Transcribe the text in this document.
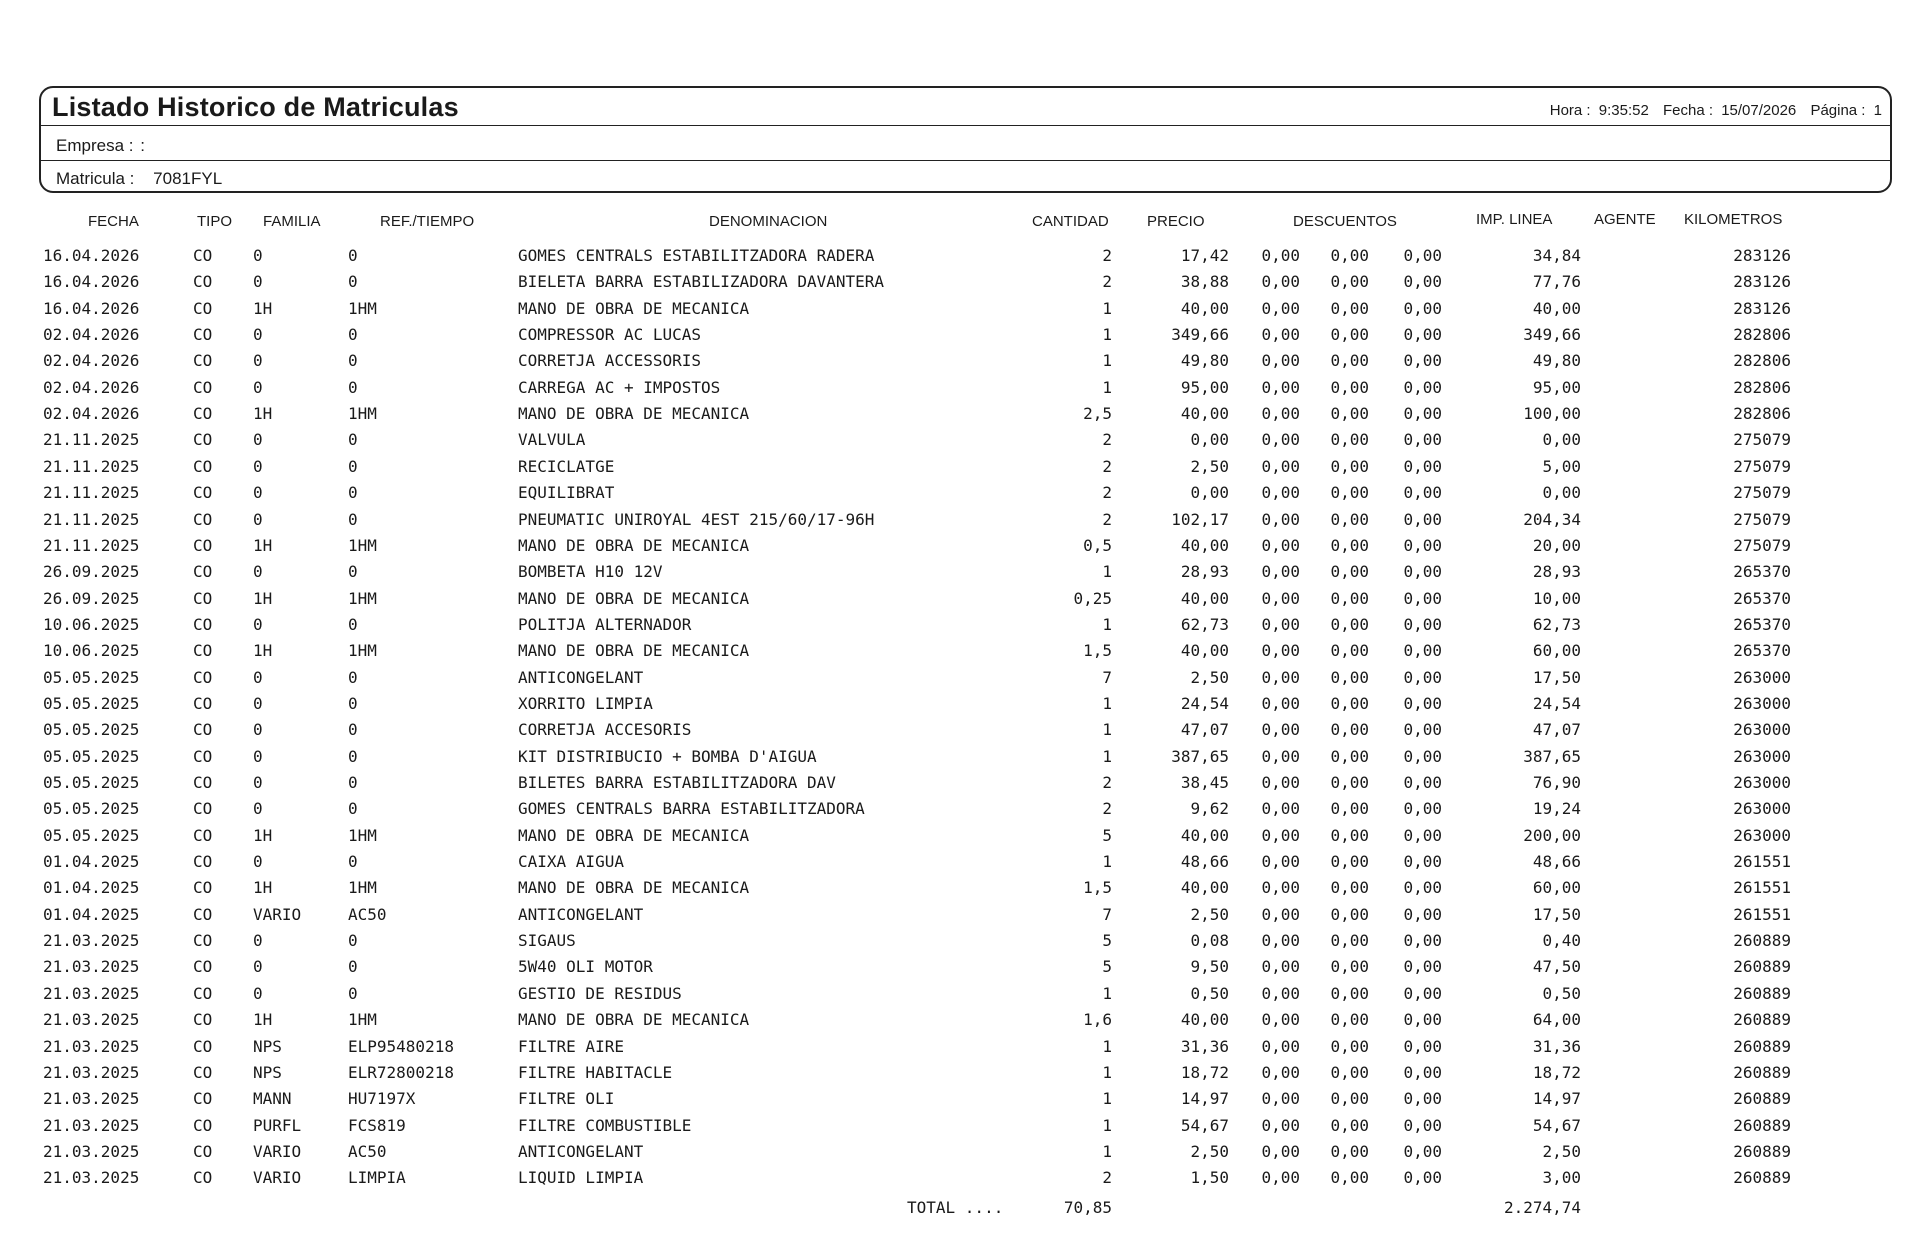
Listado Historico de Matriculas	Hora : 9:35:52 Fecha : 15/07/2026 Página : 1
Empresa : :
Matricula : 7081FYL
FECHA	TIPO FAMILIA	REF./TIEMPO	DENOMINACION	CANTIDAD	PRECIO	DESCUENTOS	IMP. LINEA	AGENTE KILOMETROS
16.04.2026	CO	0	0	GOMES CENTRALS ESTABILITZADORA RADERA	2	17,42 0,00 0,00 0,00	34,84	283126
16.04.2026	CO	0	0	BIELETA BARRA ESTABILIZADORA DAVANTERA	2	38,88 0,00 0,00 0,00	77,76	283126
16.04.2026	CO	1H	1HM	MANO DE OBRA DE MECANICA	1	40,00 0,00 0,00 0,00	40,00	283126
02.04.2026	CO	0	0	COMPRESSOR AC LUCAS	1	349,66 0,00 0,00 0,00	349,66	282806
02.04.2026	CO	0	0	CORRETJA ACCESSORIS	1	49,80 0,00 0,00 0,00	49,80	282806
02.04.2026	CO	0	0	CARREGA AC + IMPOSTOS	1	95,00 0,00 0,00 0,00	95,00	282806
02.04.2026	CO	1H	1HM	MANO DE OBRA DE MECANICA	2,5	40,00 0,00 0,00 0,00	100,00	282806
21.11.2025	CO	0	0	VALVULA	2	0,00 0,00 0,00 0,00	0,00	275079
21.11.2025	CO	0	0	RECICLATGE	2	2,50 0,00 0,00 0,00	5,00	275079
21.11.2025	CO	0	0	EQUILIBRAT	2	0,00 0,00 0,00 0,00	0,00	275079
21.11.2025	CO	0	0	PNEUMATIC UNIROYAL 4EST 215/60/17-96H	2	102,17 0,00 0,00 0,00	204,34	275079
21.11.2025	CO	1H	1HM	MANO DE OBRA DE MECANICA	0,5	40,00 0,00 0,00 0,00	20,00	275079
26.09.2025	CO	0	0	BOMBETA H10 12V	1	28,93 0,00 0,00 0,00	28,93	265370
26.09.2025	CO	1H	1HM	MANO DE OBRA DE MECANICA	0,25	40,00 0,00 0,00 0,00	10,00	265370
10.06.2025	CO	0	0	POLITJA ALTERNADOR	1	62,73 0,00 0,00 0,00	62,73	265370
10.06.2025	CO	1H	1HM	MANO DE OBRA DE MECANICA	1,5	40,00 0,00 0,00 0,00	60,00	265370
05.05.2025	CO	0	0	ANTICONGELANT	7	2,50 0,00 0,00 0,00	17,50	263000
05.05.2025	CO	0	0	XORRITO LIMPIA	1	24,54 0,00 0,00 0,00	24,54	263000
05.05.2025	CO	0	0	CORRETJA ACCESORIS	1	47,07 0,00 0,00 0,00	47,07	263000
05.05.2025	CO	0	0	KIT DISTRIBUCIO + BOMBA D'AIGUA	1	387,65 0,00 0,00 0,00	387,65	263000
05.05.2025	CO	0	0	BILETES BARRA ESTABILITZADORA DAV	2	38,45 0,00 0,00 0,00	76,90	263000
05.05.2025	CO	0	0	GOMES CENTRALS BARRA ESTABILITZADORA	2	9,62 0,00 0,00 0,00	19,24	263000
05.05.2025	CO	1H	1HM	MANO DE OBRA DE MECANICA	5	40,00 0,00 0,00 0,00	200,00	263000
01.04.2025	CO	0	0	CAIXA AIGUA	1	48,66 0,00 0,00 0,00	48,66	261551
01.04.2025	CO	1H	1HM	MANO DE OBRA DE MECANICA	1,5	40,00 0,00 0,00 0,00	60,00	261551
01.04.2025	CO	VARIO	AC50	ANTICONGELANT	7	2,50 0,00 0,00 0,00	17,50	261551
21.03.2025	CO	0	0	SIGAUS	5	0,08 0,00 0,00 0,00	0,40	260889
21.03.2025	CO	0	0	5W40 OLI MOTOR	5	9,50 0,00 0,00 0,00	47,50	260889
21.03.2025	CO	0	0	GESTIO DE RESIDUS	1	0,50 0,00 0,00 0,00	0,50	260889
21.03.2025	CO	1H	1HM	MANO DE OBRA DE MECANICA	1,6	40,00 0,00 0,00 0,00	64,00	260889
21.03.2025	CO	NPS	ELP95480218	FILTRE AIRE	1	31,36 0,00 0,00 0,00	31,36	260889
21.03.2025	CO	NPS	ELR72800218	FILTRE HABITACLE	1	18,72 0,00 0,00 0,00	18,72	260889
21.03.2025	CO	MANN	HU7197X	FILTRE OLI	1	14,97 0,00 0,00 0,00	14,97	260889
21.03.2025	CO	PURFL	FCS819	FILTRE COMBUSTIBLE	1	54,67 0,00 0,00 0,00	54,67	260889
21.03.2025	CO	VARIO	AC50	ANTICONGELANT	1	2,50 0,00 0,00 0,00	2,50	260889
21.03.2025	CO	VARIO	LIMPIA	LIQUID LIMPIA	2	1,50 0,00 0,00 0,00	3,00	260889
TOTAL ....	70,85	2.274,74
